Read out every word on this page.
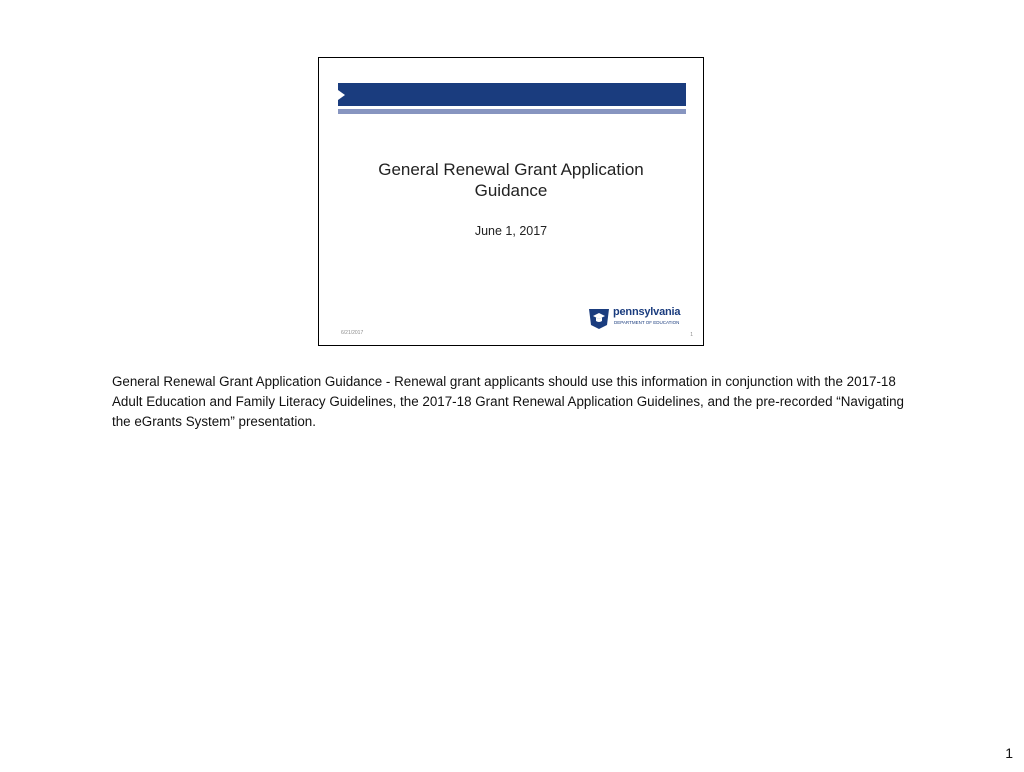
General Renewal Grant Application
Guidance
June 1, 2017
pennsylvania
DEPARTMENT OF EDUCATION
6/21/2017	1

General Renewal Grant Application Guidance - Renewal grant applicants should use this information in conjunction with the 2017-18 Adult Education and Family Literacy Guidelines, the 2017-18 Grant Renewal Application Guidelines, and the pre-recorded “Navigating the eGrants System” presentation.

1
